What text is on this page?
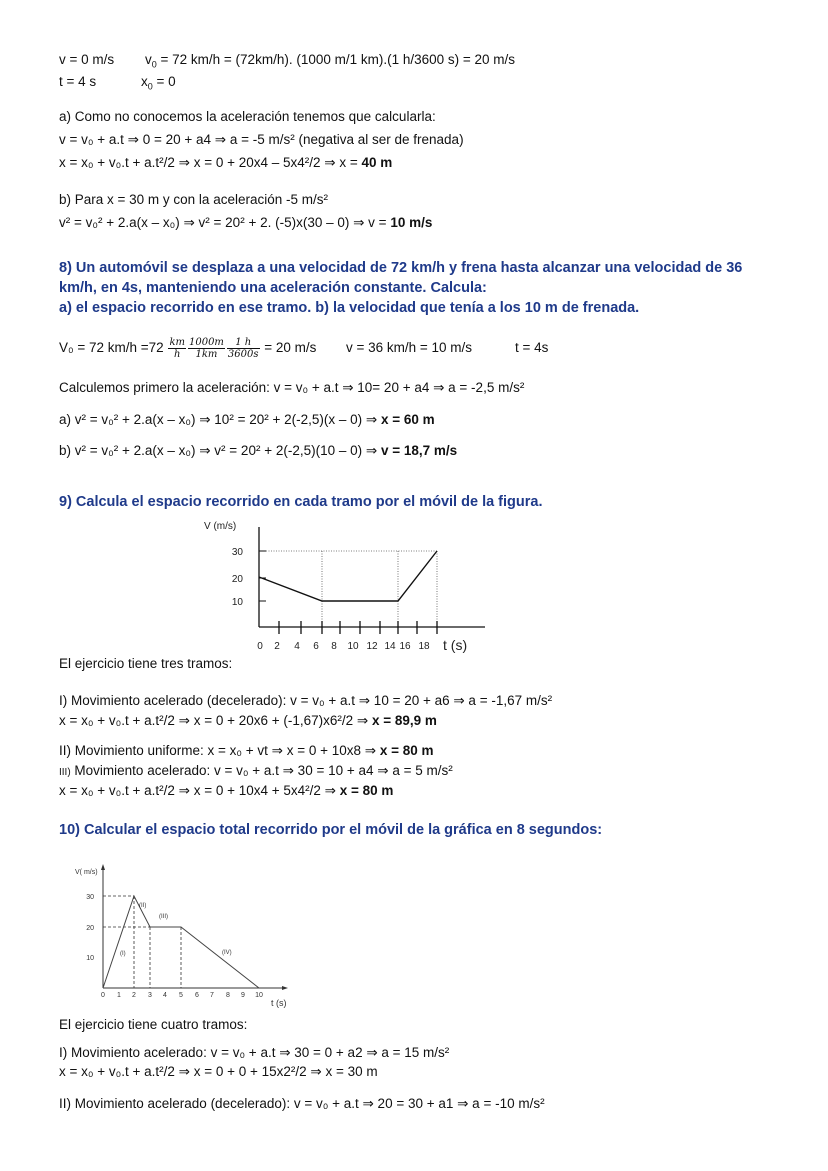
v = 0 m/s $v_0 = 72$ km/h = (72km/h). (1000 m/1 km).(1 h/3600 s) = 20 m/s
t = 4 s	$x_0 = 0$
a) Como no conocemos la aceleración tenemos que calcularla:
v = v₀ + a.t ⇒ 0 = 20 + a4 ⇒ a = -5 m/s² (negativa al ser de frenada)
x = x₀ + v₀.t + a.t²/2 ⇒ x = 0 + 20x4 – 5x4²/2 ⇒ x = 40 m
b) Para x = 30 m y con la aceleración -5 m/s²
v² = v₀² + 2.a(x – x₀) ⇒ v² = 20² + 2. (-5)x(30 – 0) ⇒ v = 10 m/s
8) Un automóvil se desplaza a una velocidad de 72 km/h y frena hasta alcanzar una velocidad de 36
km/h, en 4s, manteniendo una aceleración constante. Calcula:
a) el espacio recorrido en ese tramo. b) la velocidad que tenía a los 10 m de frenada.
V₀ = 72 $km/h =72 \frac{km}{h} \frac{1000m}{1km} \frac{1 h}{3600s} = 20$ m/s v = 36 km/h = 10 m/s	t = 4s
Calculemos primero la aceleración: v = v₀ + a.t ⇒ 10= 20 + a4 ⇒ a = -2,5 m/s²
a) v² = v₀² + 2.a(x – x₀) ⇒ 10² = 20² + 2(-2,5)(x – 0) ⇒ x = 60 m
b) v² = v₀² + 2.a(x – x₀) ⇒ v² = 20² + 2(-2,5)(10 – 0) ⇒ v = 18,7 m/s
9) Calcula el espacio recorrido en cada tramo por el móvil de la figura.
V (m/s)
30
20
10
0 2 4 6 8 10 12 14 16 18 t (s)
El ejercicio tiene tres tramos:
I) Movimiento acelerado (decelerado): v = v₀ + a.t ⇒ 10 = 20 + a6 ⇒ a = -1,67 m/s²
x = x₀ + v₀.t + a.t²/2 ⇒ x = 0 + 20x6 + (-1,67)x6²/2 ⇒ x = 89,9 m
II) Movimiento uniforme: x = x₀ + vt ⇒ x = 0 + 10x8 ⇒ x = 80 m
III) Movimiento acelerado: v = v₀ + a.t ⇒ 30 = 10 + a4 ⇒ a = 5 m/s²
x = x₀ + v₀.t + a.t²/2 ⇒ x = 0 + 10x4 + 5x4²/2 ⇒ x = 80 m
10) Calcular el espacio total recorrido por el móvil de la gráfica en 8 segundos:
V( m/s)
30
20
10
0 1 2 3 4 5 6 7 8 9 10
t (s)
(I)
(II)
(III)
(IV)
El ejercicio tiene cuatro tramos:
I) Movimiento acelerado: v = v₀ + a.t ⇒ 30 = 0 + a2 ⇒ a = 15 m/s²
x = x₀ + v₀.t + a.t²/2 ⇒ x = 0 + 0 + 15x2²/2 ⇒ x = 30 m
II) Movimiento acelerado (decelerado): v = v₀ + a.t ⇒ 20 = 30 + a1 ⇒ a = -10 m/s²
